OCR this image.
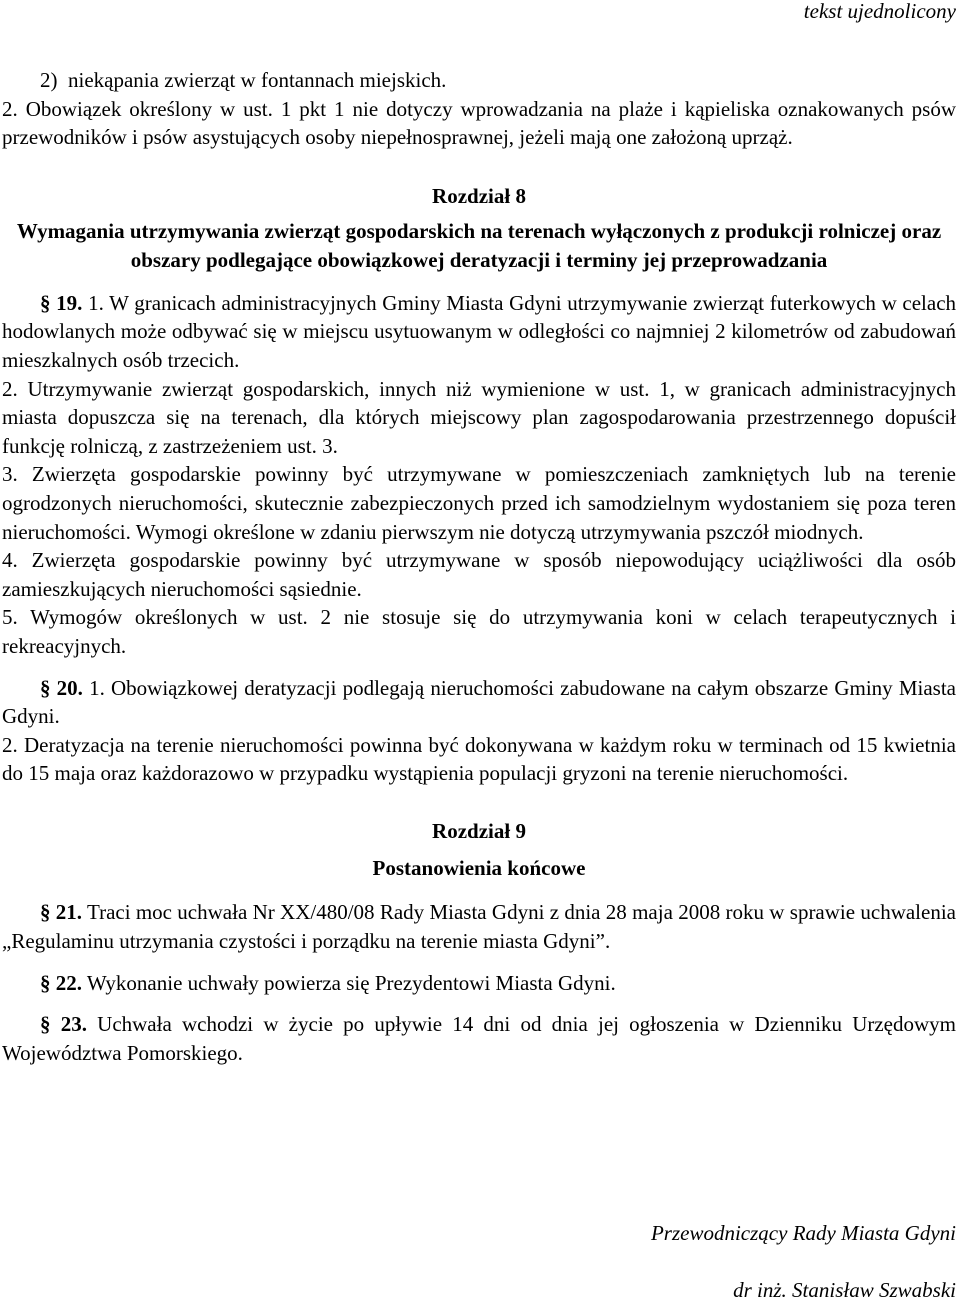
tekst ujednolicony

2)  niekąpania zwierząt w fontannach miejskich.

2. Obowiązek określony w ust. 1 pkt 1 nie dotyczy wprowadzania na plaże i kąpieliska oznakowanych psów przewodników i psów asystujących osoby niepełnosprawnej, jeżeli mają one założoną uprząż.

Rozdział 8

Wymagania utrzymywania zwierząt gospodarskich na terenach wyłączonych z produkcji rolniczej oraz obszary podlegające obowiązkowej deratyzacji i terminy jej przeprowadzania

§ 19. 1. W granicach administracyjnych Gminy Miasta Gdyni utrzymywanie zwierząt futerkowych w celach hodowlanych może odbywać się w miejscu usytuowanym w odległości co najmniej 2 kilometrów od zabudowań mieszkalnych osób trzecich.

2. Utrzymywanie zwierząt gospodarskich, innych niż wymienione w ust. 1, w granicach administracyjnych miasta dopuszcza się na terenach, dla których miejscowy plan zagospodarowania przestrzennego dopuścił funkcję rolniczą, z zastrzeżeniem ust. 3.

3. Zwierzęta gospodarskie powinny być utrzymywane w pomieszczeniach zamkniętych lub na terenie ogrodzonych nieruchomości, skutecznie zabezpieczonych przed ich samodzielnym wydostaniem się poza teren nieruchomości. Wymogi określone w zdaniu pierwszym nie dotyczą utrzymywania pszczół miodnych.

4. Zwierzęta gospodarskie powinny być utrzymywane w sposób niepowodujący uciążliwości dla osób zamieszkujących nieruchomości sąsiednie.

5. Wymogów określonych w ust. 2 nie stosuje się do utrzymywania koni w celach terapeutycznych i rekreacyjnych.

§ 20. 1. Obowiązkowej deratyzacji podlegają nieruchomości zabudowane na całym obszarze Gminy Miasta Gdyni.

2. Deratyzacja na terenie nieruchomości powinna być dokonywana w każdym roku w terminach od 15 kwietnia do 15 maja oraz każdorazowo w przypadku wystąpienia populacji gryzoni na terenie nieruchomości.

Rozdział 9

Postanowienia końcowe

§ 21. Traci moc uchwała Nr XX/480/08 Rady Miasta Gdyni z dnia 28 maja 2008 roku w sprawie uchwalenia „Regulaminu utrzymania czystości i porządku na terenie miasta Gdyni”.

§ 22. Wykonanie uchwały powierza się Prezydentowi Miasta Gdyni.

§ 23. Uchwała wchodzi w życie po upływie 14 dni od dnia jej ogłoszenia w Dzienniku Urzędowym Województwa Pomorskiego.

Przewodniczący Rady Miasta Gdyni
dr inż. Stanisław Szwabski
